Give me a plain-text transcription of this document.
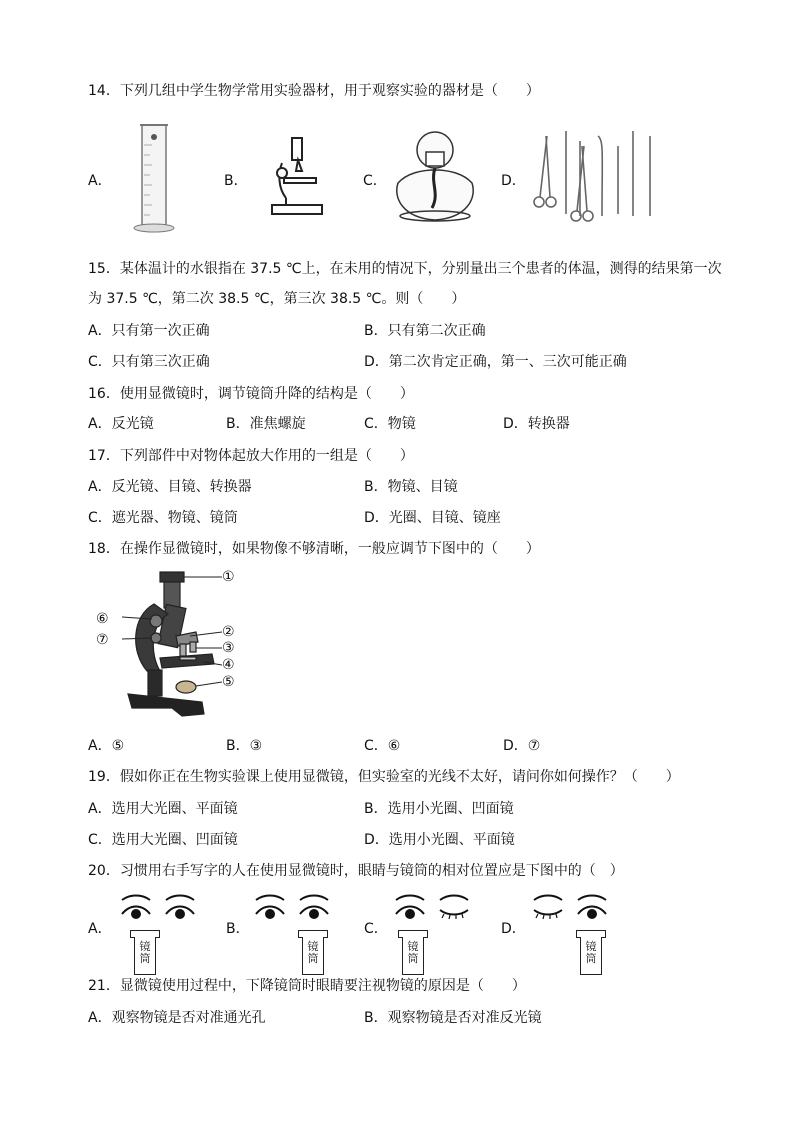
14．下列几组中学生物学常用实验器材，用于观察实验的器材是（　　）
A．	B．	C．	D．
15．某体温计的水银指在 37.5 ℃上，在未用的情况下，分别量出三个患者的体温，测得的结果第一次
为 37.5 ℃，第二次 38.5 ℃，第三次 38.5 ℃。则（　　）
A．只有第一次正确	B．只有第二次正确
C．只有第三次正确	D．第二次肯定正确，第一、三次可能正确
16．使用显微镜时，调节镜筒升降的结构是（　　）
A．反光镜	B．准焦螺旋	C．物镜	D．转换器
17．下列部件中对物体起放大作用的一组是（　　）
A．反光镜、目镜、转换器	B．物镜、目镜
C．遮光器、物镜、镜筒	D．光圈、目镜、镜座
18．在操作显微镜时，如果物像不够清晰，一般应调节下图中的（　　）
①
②
③
④
⑤
⑥
⑦
A．⑤	B．③	C．⑥	D．⑦
19．假如你正在生物实验课上使用显微镜，但实验室的光线不太好，请问你如何操作？（　　）
A．选用大光圈、平面镜	B．选用小光圈、凹面镜
C．选用大光圈、凹面镜	D．选用小光圈、平面镜
20．习惯用右手写字的人在使用显微镜时，眼睛与镜筒的相对位置应是下图中的（　）
A．	B．	C．	D．
镜筒
镜筒
镜筒
镜筒
21．显微镜使用过程中，下降镜筒时眼睛要注视物镜的原因是（　　）
A．观察物镜是否对准通光孔	B．观察物镜是否对准反光镜
